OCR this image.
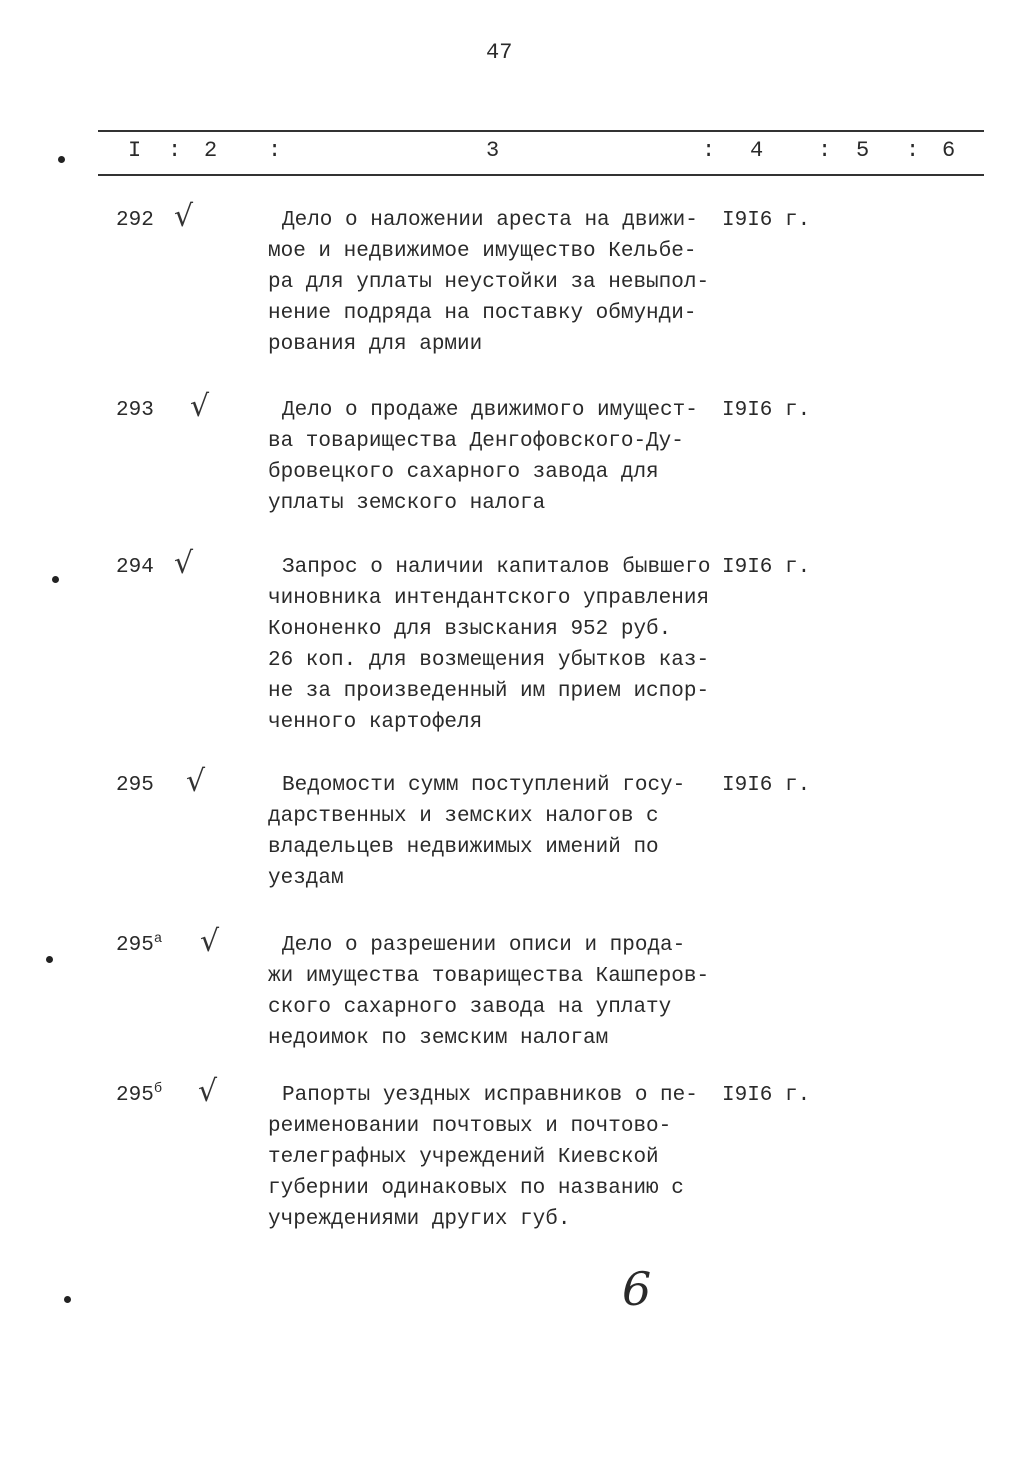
47
I : 2 :	3	: 4 : 5 : 6
292 √	Дело о наложении ареста на движи-
мое и недвижимое имущество Кельбе-
ра для уплаты неустойки за невыпол-
нение подряда на поставку обмунди-
рования для армии
I9I6 г.
293 √	Дело о продаже движимого имущест-
ва товарищества Денгофовского-Ду-
бровецкого сахарного завода для
уплаты земского налога
I9I6 г.
294 √	Запрос о наличии капиталов бывшего
чиновника интендантского управления
Кононенко для взыскания 952 руб.
26 коп. для возмещения убытков каз-
не за произведенный им прием испор-
ченного картофеля
I9I6 г.
295 √	Ведомости сумм поступлений госу-
дарственных и земских налогов с
владельцев недвижимых имений по
уездам
I9I6 г.
$295^а$ √	Дело о разрешении описи и прода-
жи имущества товарищества Кашперов-
ского сахарного завода на уплату
недоимок по земским налогам
$295^б$ √	Рапорты уездных исправников о пе-
реименовании почтовых и почтово-
телеграфных учреждений Киевской
губернии одинаковых по названию с
учреждениями других губ.
I9I6 г.
6
